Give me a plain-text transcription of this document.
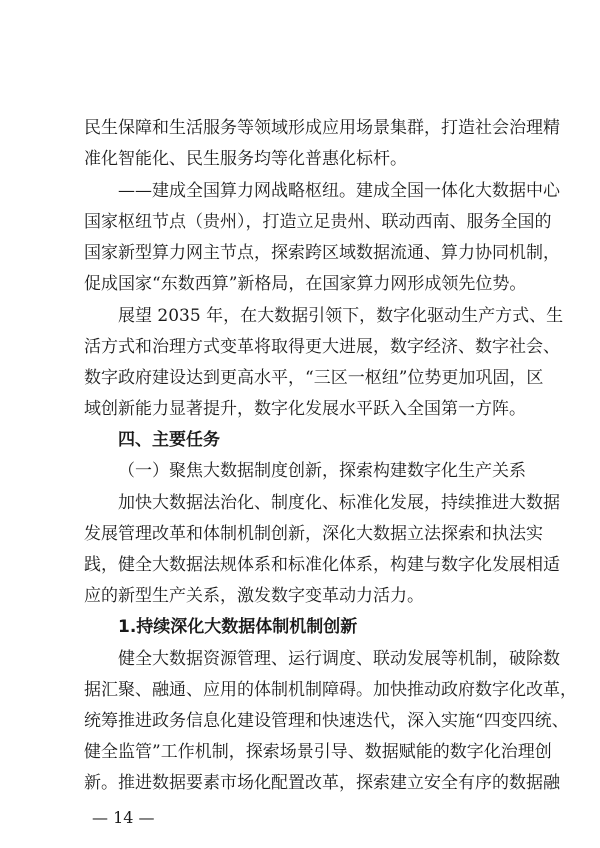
民生保障和生活服务等领域形成应用场景集群，打造社会治理精
准化智能化、民生服务均等化普惠化标杆。
——建成全国算力网战略枢纽。建成全国一体化大数据中心
国家枢纽节点（贵州），打造立足贵州、联动西南、服务全国的
国家新型算力网主节点，探索跨区域数据流通、算力协同机制，
促成国家“东数西算”新格局，在国家算力网形成领先位势。
展望 2035 年，在大数据引领下，数字化驱动生产方式、生
活方式和治理方式变革将取得更大进展，数字经济、数字社会、
数字政府建设达到更高水平，“三区一枢纽”位势更加巩固，区
域创新能力显著提升，数字化发展水平跃入全国第一方阵。
四、主要任务
（一）聚焦大数据制度创新，探索构建数字化生产关系
加快大数据法治化、制度化、标准化发展，持续推进大数据
发展管理改革和体制机制创新，深化大数据立法探索和执法实
践，健全大数据法规体系和标准化体系，构建与数字化发展相适
应的新型生产关系，激发数字变革动力活力。
1.持续深化大数据体制机制创新
健全大数据资源管理、运行调度、联动发展等机制，破除数
据汇聚、融通、应用的体制机制障碍。加快推动政府数字化改革，
统筹推进政务信息化建设管理和快速迭代，深入实施“四变四统、
健全监管”工作机制，探索场景引导、数据赋能的数字化治理创
新。推进数据要素市场化配置改革，探索建立安全有序的数据融
— 14 —
